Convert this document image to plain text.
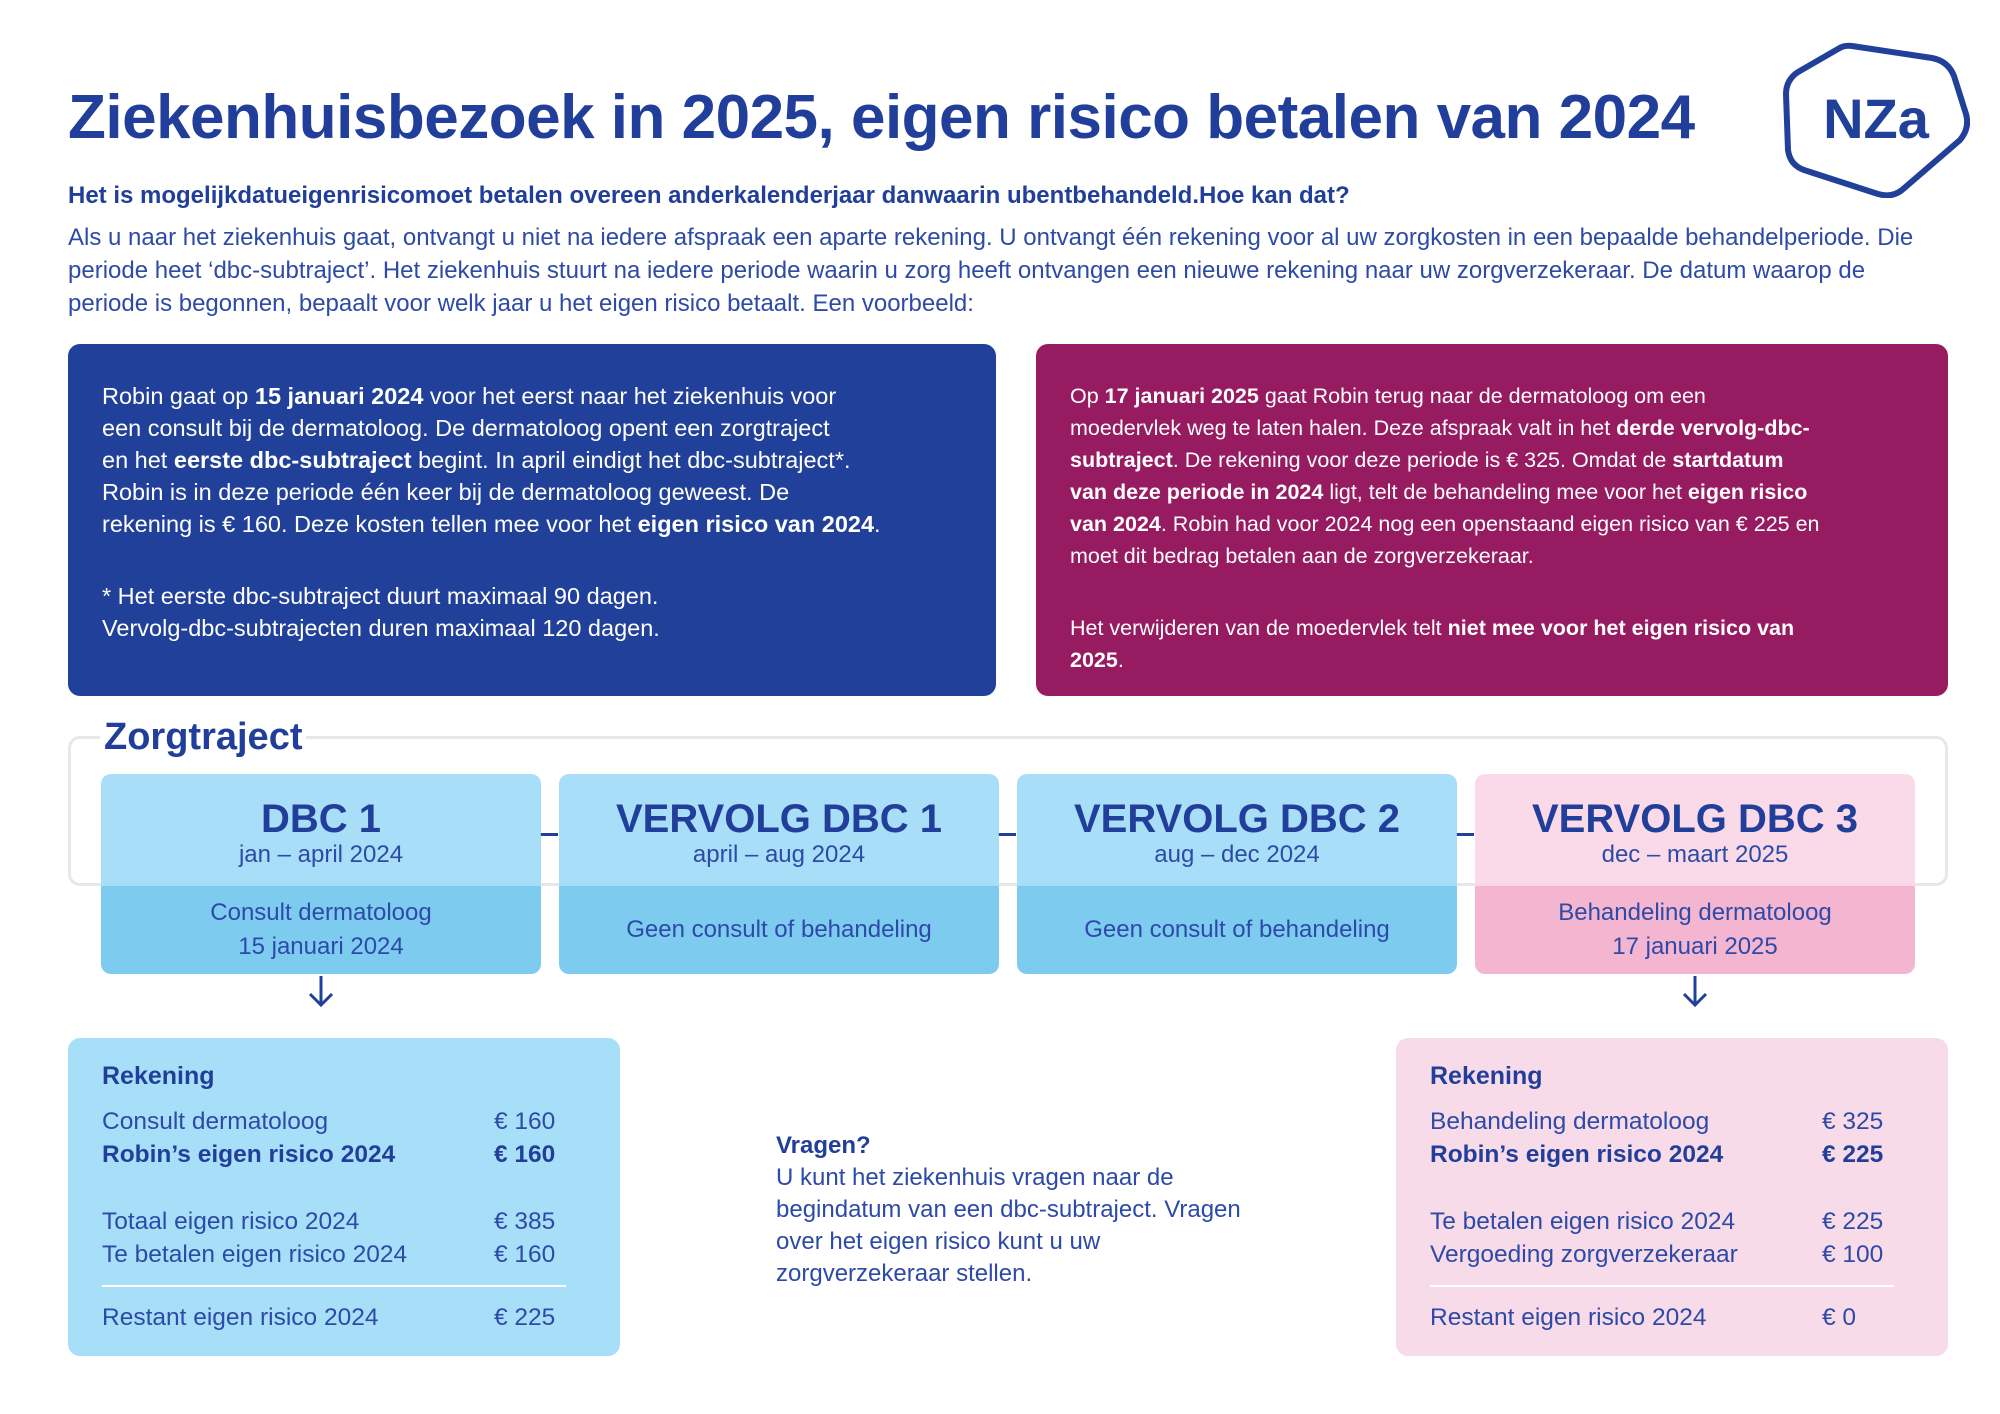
Ziekenhuisbezoek in 2025, eigen risico betalen van 2024 NZa
Het is mogelijkdatueigenrisicomoet betalen overeen anderkalenderjaar danwaarin ubentbehandeld.Hoe kan dat?
Als u naar het ziekenhuis gaat, ontvangt u niet na iedere afspraak een aparte rekening. U ontvangt één rekening voor al uw zorgkosten in een bepaalde behandelperiode. Die periode heet ‘dbc-subtraject’. Het ziekenhuis stuurt na iedere periode waarin u zorg heeft ontvangen een nieuwe rekening naar uw zorgverzekeraar. De datum waarop de periode is begonnen, bepaalt voor welk jaar u het eigen risico betaalt. Een voorbeeld:

Robin gaat op 15 januari 2024 voor het eerst naar het ziekenhuis voor
een consult bij de dermatoloog. De dermatoloog opent een zorgtraject
en het eerste dbc-subtraject begint. In april eindigt het dbc-subtraject*.
Robin is in deze periode één keer bij de dermatoloog geweest. De
rekening is € 160. Deze kosten tellen mee voor het eigen risico van 2024.

* Het eerste dbc-subtraject duurt maximaal 90 dagen.
Vervolg-dbc-subtrajecten duren maximaal 120 dagen.

Op 17 januari 2025 gaat Robin terug naar de dermatoloog om een
moedervlek weg te laten halen. Deze afspraak valt in het derde vervolg-dbc-
subtraject. De rekening voor deze periode is € 325. Omdat de startdatum
van deze periode in 2024 ligt, telt de behandeling mee voor het eigen risico
van 2024. Robin had voor 2024 nog een openstaand eigen risico van € 225 en
moet dit bedrag betalen aan de zorgverzekeraar.

Het verwijderen van de moedervlek telt niet mee voor het eigen risico van
2025.

Zorgtraject
DBC 1
jan – april 2024
Consult dermatoloog
15 januari 2024
VERVOLG DBC 1
april – aug 2024
Geen consult of behandeling
VERVOLG DBC 2
aug – dec 2024
Geen consult of behandeling
VERVOLG DBC 3
dec – maart 2025
Behandeling dermatoloog
17 januari 2025
Rekening
Consult dermatoloog	€ 160
Robin’s eigen risico 2024	€ 160
Totaal eigen risico 2024	€ 385
Te betalen eigen risico 2024	€ 160
Restant eigen risico 2024	€ 225
Vragen?
U kunt het ziekenhuis vragen naar de begindatum van een dbc-subtraject. Vragen over het eigen risico kunt u uw zorgverzekeraar stellen.
Rekening
Behandeling dermatoloog	€ 325
Robin’s eigen risico 2024	€ 225
Te betalen eigen risico 2024	€ 225
Vergoeding zorgverzekeraar	€ 100
Restant eigen risico 2024	€ 0
